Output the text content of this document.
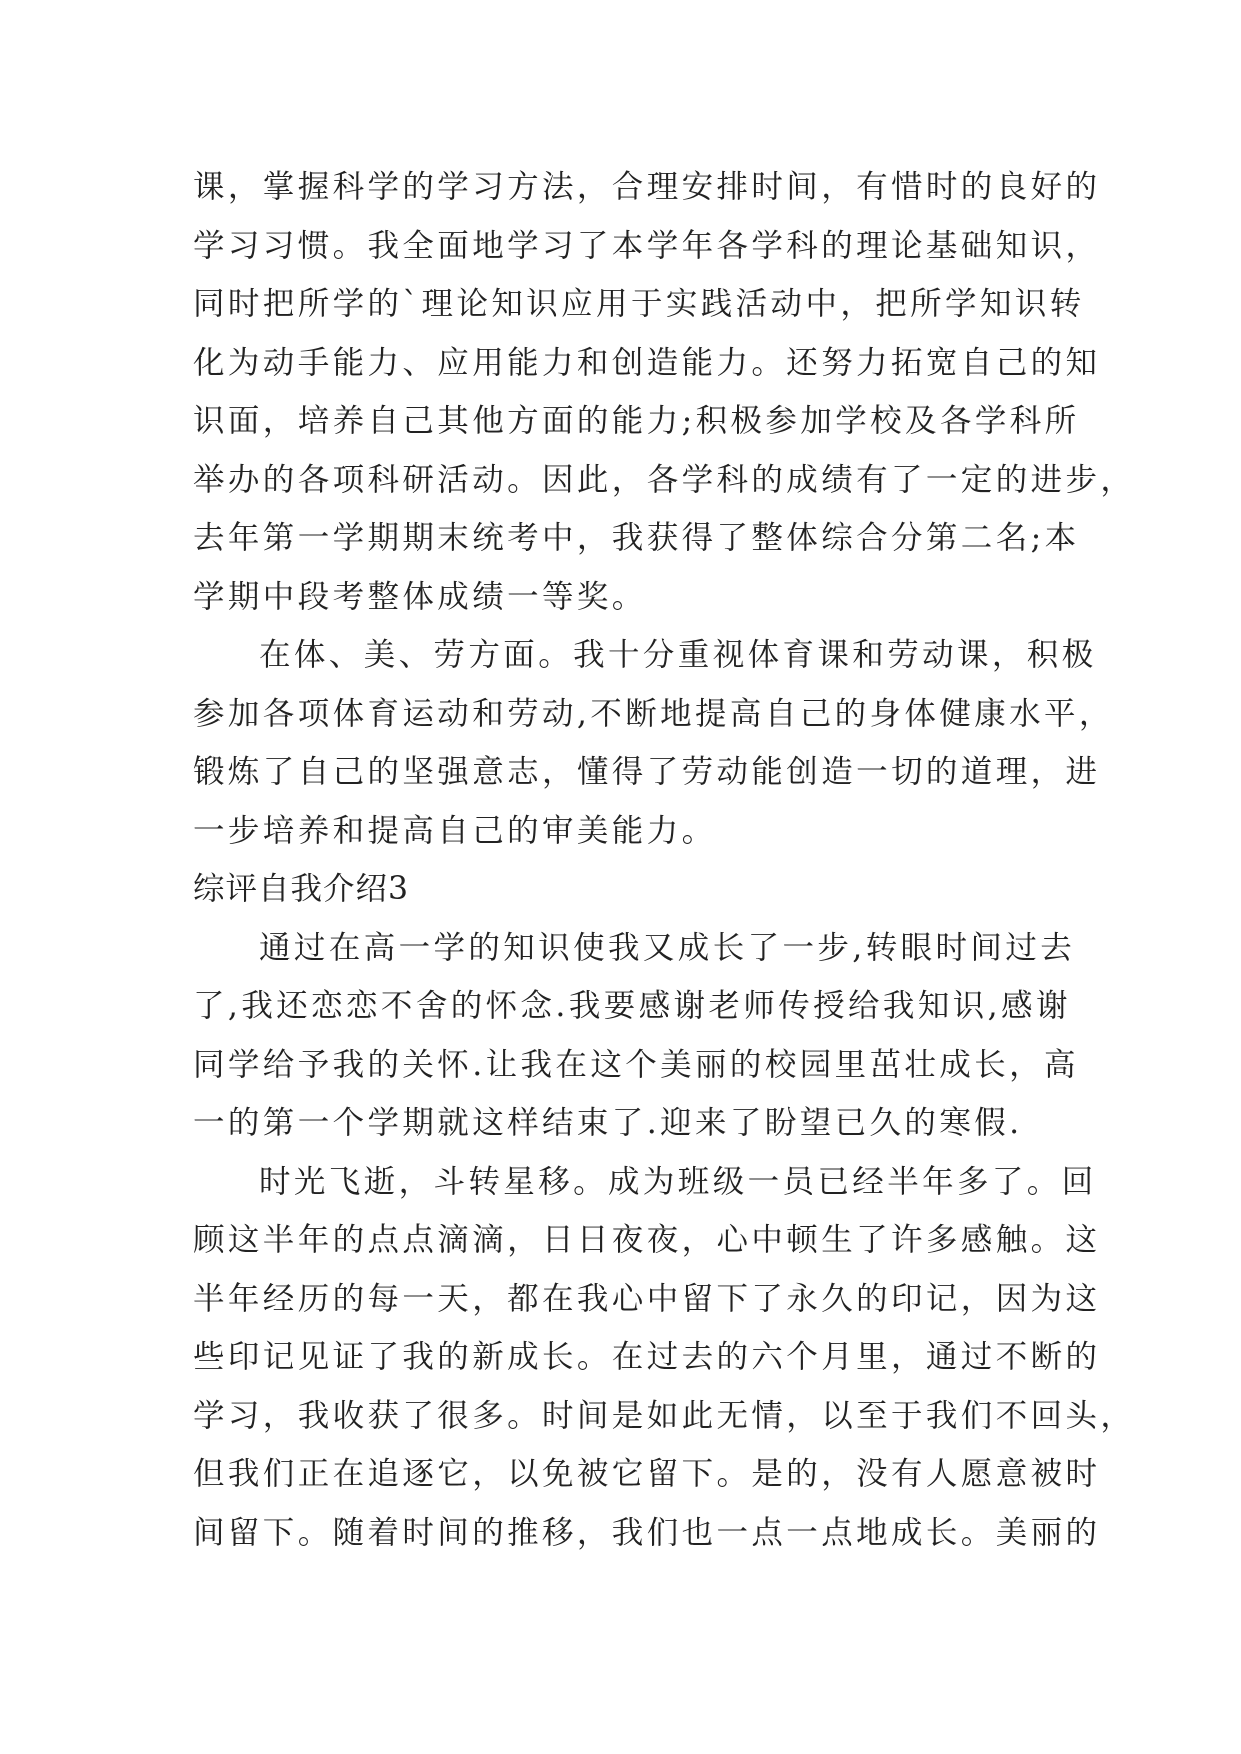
课，掌握科学的学习方法，合理安排时间，有惜时的良好的
学习习惯。我全面地学习了本学年各学科的理论基础知识，
同时把所学的`理论知识应用于实践活动中，把所学知识转
化为动手能力、应用能力和创造能力。还努力拓宽自己的知
识面，培养自己其他方面的能力;积极参加学校及各学科所
举办的各项科研活动。因此，各学科的成绩有了一定的进步，
去年第一学期期末统考中，我获得了整体综合分第二名;本
学期中段考整体成绩一等奖。
在体、美、劳方面。我十分重视体育课和劳动课，积极
参加各项体育运动和劳动,不断地提高自己的身体健康水平，
锻炼了自己的坚强意志，懂得了劳动能创造一切的道理，进
一步培养和提高自己的审美能力。
综评自我介绍3
通过在高一学的知识使我又成长了一步,转眼时间过去
了,我还恋恋不舍的怀念.我要感谢老师传授给我知识,感谢
同学给予我的关怀.让我在这个美丽的校园里茁壮成长，高
一的第一个学期就这样结束了.迎来了盼望已久的寒假.
时光飞逝，斗转星移。成为班级一员已经半年多了。回
顾这半年的点点滴滴，日日夜夜，心中顿生了许多感触。这
半年经历的每一天，都在我心中留下了永久的印记，因为这
些印记见证了我的新成长。在过去的六个月里，通过不断的
学习，我收获了很多。时间是如此无情，以至于我们不回头，
但我们正在追逐它，以免被它留下。是的，没有人愿意被时
间留下。随着时间的推移，我们也一点一点地成长。美丽的
